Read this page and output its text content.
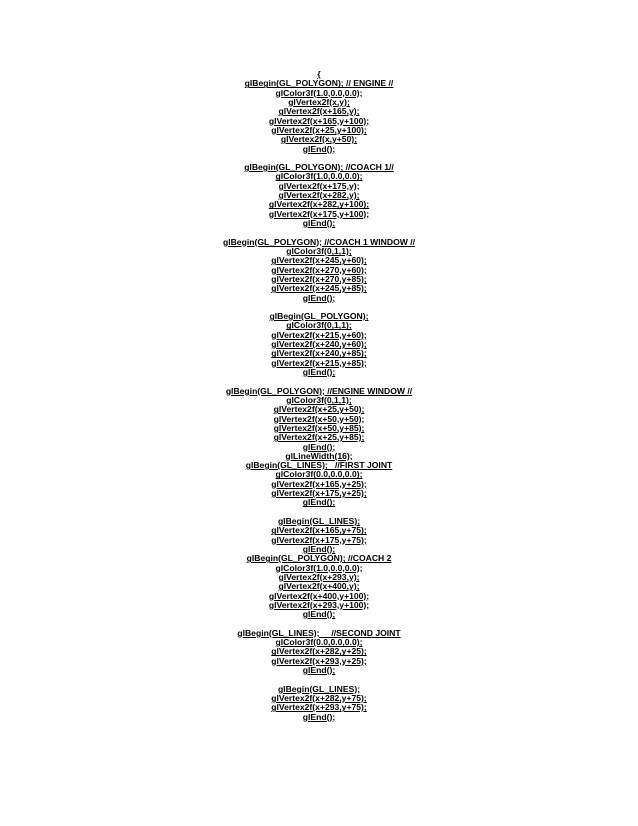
{
glBegin(GL_POLYGON); // ENGINE //
glColor3f(1.0,0.0,0.0);
glVertex2f(x,y);
glVertex2f(x+165,y);
glVertex2f(x+165,y+100);
glVertex2f(x+25,y+100);
glVertex2f(x,y+50);
glEnd();
glBegin(GL_POLYGON); //COACH 1//
glColor3f(1.0,0.0,0.0);
glVertex2f(x+175,y);
glVertex2f(x+282,y);
glVertex2f(x+282,y+100);
glVertex2f(x+175,y+100);
glEnd();
glBegin(GL_POLYGON); //COACH 1 WINDOW //
glColor3f(0,1,1);
glVertex2f(x+245,y+60);
glVertex2f(x+270,y+60);
glVertex2f(x+270,y+85);
glVertex2f(x+245,y+85);
glEnd();
glBegin(GL_POLYGON);
glColor3f(0,1,1);
glVertex2f(x+215,y+60);
glVertex2f(x+240,y+60);
glVertex2f(x+240,y+85);
glVertex2f(x+215,y+85);
glEnd();
glBegin(GL_POLYGON); //ENGINE WINDOW //
glColor3f(0,1,1);
glVertex2f(x+25,y+50);
glVertex2f(x+50,y+50);
glVertex2f(x+50,y+85);
glVertex2f(x+25,y+85);
glEnd();
glLineWidth(16);
glBegin(GL_LINES);   //FIRST JOINT
glColor3f(0.0,0.0,0.0);
glVertex2f(x+165,y+25);
glVertex2f(x+175,y+25);
glEnd();
glBegin(GL_LINES);
glVertex2f(x+165,y+75);
glVertex2f(x+175,y+75);
glEnd();
glBegin(GL_POLYGON); //COACH 2
glColor3f(1.0,0.0,0.0);
glVertex2f(x+293,y);
glVertex2f(x+400,y);
glVertex2f(x+400,y+100);
glVertex2f(x+293,y+100);
glEnd();
glBegin(GL_LINES);     //SECOND JOINT
glColor3f(0.0,0.0,0.0);
glVertex2f(x+282,y+25);
glVertex2f(x+293,y+25);
glEnd();
glBegin(GL_LINES);
glVertex2f(x+282,y+75);
glVertex2f(x+293,y+75);
glEnd();
